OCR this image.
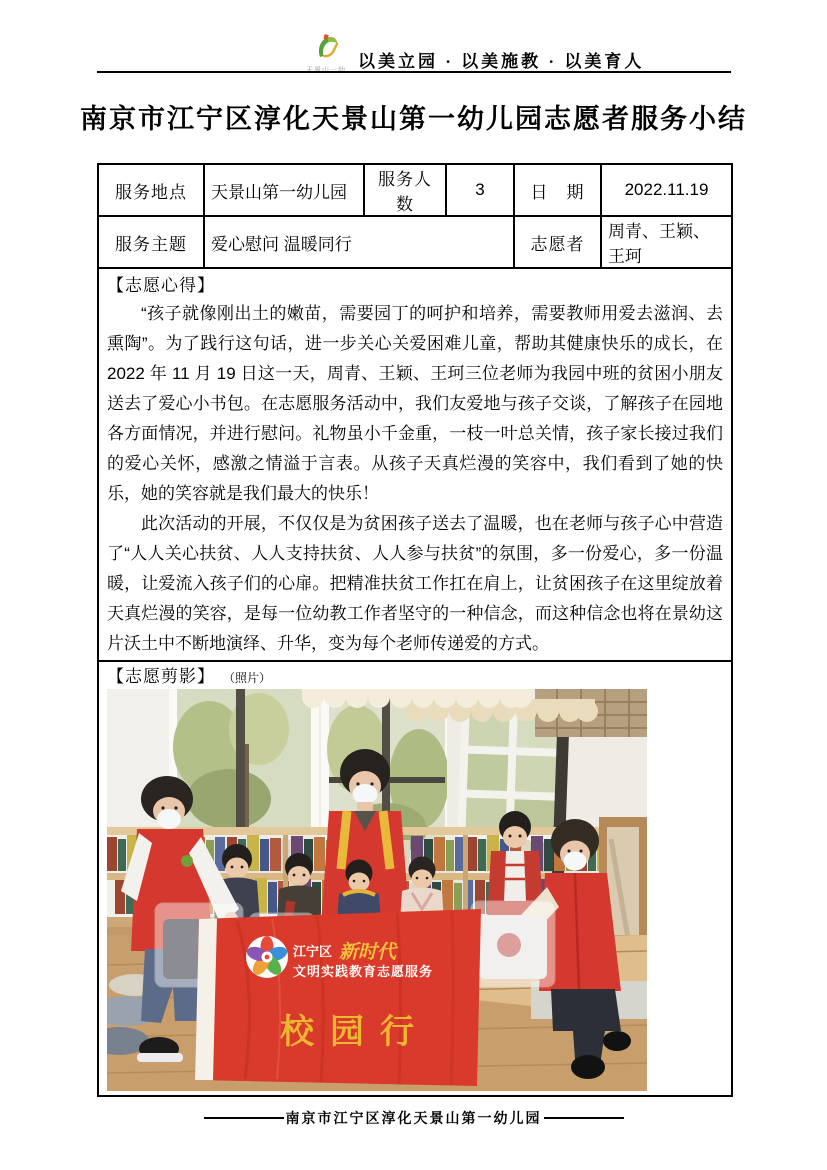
以美立园 · 以美施教 · 以美育人
南京市江宁区淳化天景山第一幼儿园志愿者服务小结
服务地点	天景山第一幼儿园	服务人数	3	日　期	2022.11.19
服务主题	爱心慰问 温暖同行			志愿者	周青、王颖、王珂

【志愿心得】

“孩子就像刚出土的嫩苗，需要园丁的呵护和培养，需要教师用爱去滋润、去熏陶”。为了践行这句话，进一步关心关爱困难儿童，帮助其健康快乐的成长，在 2022 年 11 月 19 日这一天，周青、王颖、王珂三位老师为我园中班的贫困小朋友送去了爱心小书包。在志愿服务活动中，我们友爱地与孩子交谈，了解孩子在园地各方面情况，并进行慰问。礼物虽小千金重，一枝一叶总关情，孩子家长接过我们的爱心关怀，感激之情溢于言表。从孩子天真烂漫的笑容中，我们看到了她的快乐，她的笑容就是我们最大的快乐！

此次活动的开展，不仅仅是为贫困孩子送去了温暖，也在老师与孩子心中营造了“人人关心扶贫、人人支持扶贫、人人参与扶贫”的氛围，多一份爱心，多一份温暖，让爱流入孩子们的心扉。把精准扶贫工作扛在肩上，让贫困孩子在这里绽放着天真烂漫的笑容，是每一位幼教工作者坚守的一种信念，而这种信念也将在景幼这片沃土中不断地演绎、升华，变为每个老师传递爱的方式。					

【志愿剪影】 （照片）
江宁区 新时代
文明实践教育志愿服务
校园行
南京市江宁区淳化天景山第一幼儿园
